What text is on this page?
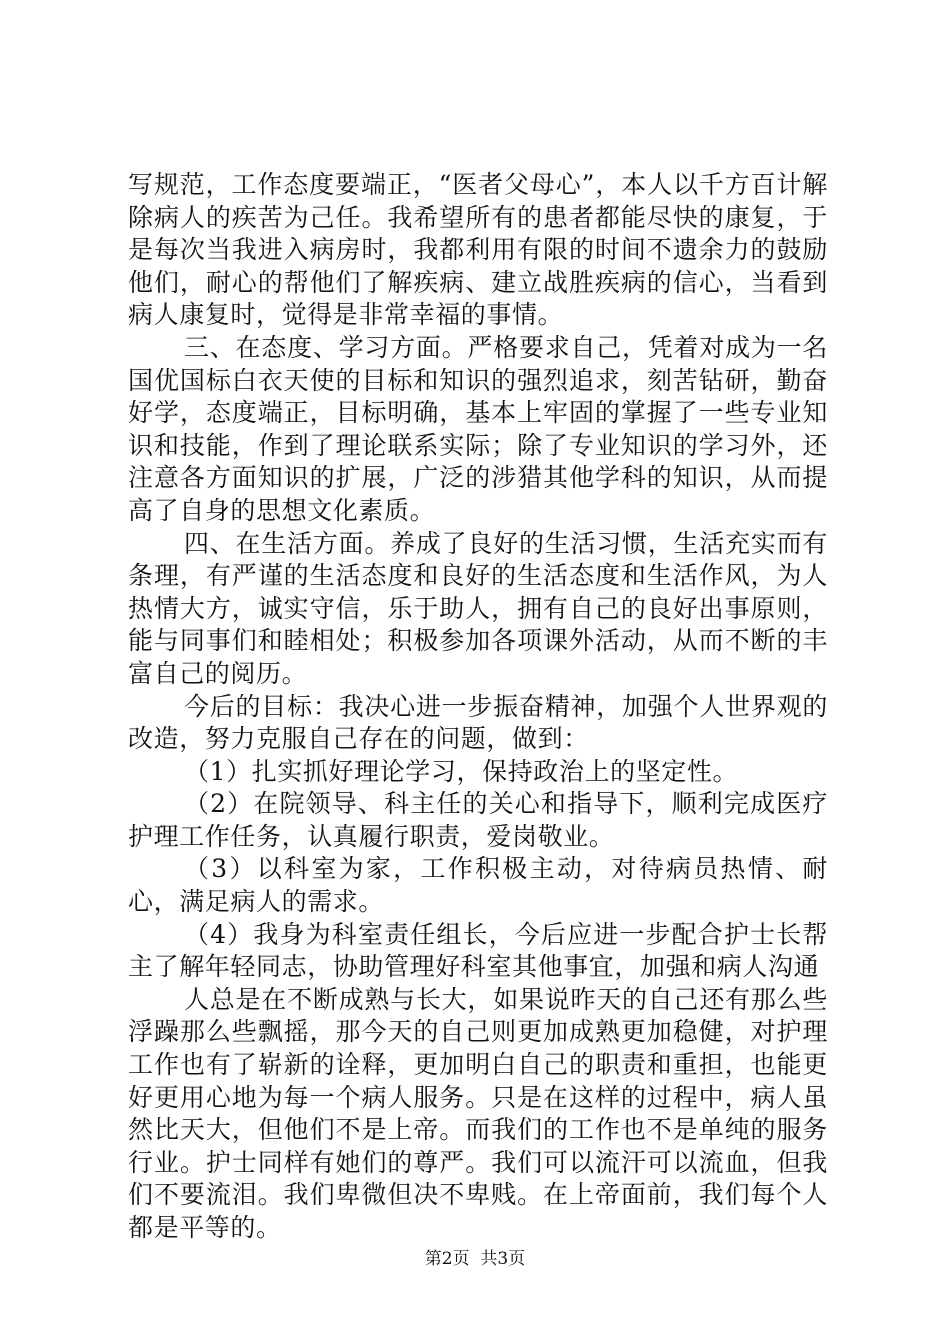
写规范，工作态度要端正，“医者父母心”，本人以千方百计解除病人的疾苦为己任。我希望所有的患者都能尽快的康复，于是每次当我进入病房时，我都利用有限的时间不遗余力的鼓励他们，耐心的帮他们了解疾病、建立战胜疾病的信心，当看到病人康复时，觉得是非常幸福的事情。

三、在态度、学习方面。严格要求自己，凭着对成为一名国优国标白衣天使的目标和知识的强烈追求，刻苦钻研，勤奋好学，态度端正，目标明确，基本上牢固的掌握了一些专业知识和技能，作到了理论联系实际；除了专业知识的学习外，还注意各方面知识的扩展，广泛的涉猎其他学科的知识，从而提高了自身的思想文化素质。

四、在生活方面。养成了良好的生活习惯，生活充实而有条理，有严谨的生活态度和良好的生活态度和生活作风，为人热情大方，诚实守信，乐于助人，拥有自己的良好出事原则，能与同事们和睦相处；积极参加各项课外活动，从而不断的丰富自己的阅历。

今后的目标：我决心进一步振奋精神，加强个人世界观的改造，努力克服自己存在的问题，做到：

（1）扎实抓好理论学习，保持政治上的坚定性。

（2）在院领导、科主任的关心和指导下，顺利完成医疗护理工作任务，认真履行职责，爱岗敬业。

（3）以科室为家，工作积极主动，对待病员热情、耐心，满足病人的需求。

（4）我身为科室责任组长，今后应进一步配合护士长帮主了解年轻同志，协助管理好科室其他事宜，加强和病人沟通

人总是在不断成熟与长大，如果说昨天的自己还有那么些浮躁那么些飘摇，那今天的自己则更加成熟更加稳健，对护理工作也有了崭新的诠释，更加明白自己的职责和重担，也能更好更用心地为每一个病人服务。只是在这样的过程中，病人虽然比天大，但他们不是上帝。而我们的工作也不是单纯的服务行业。护士同样有她们的尊严。我们可以流汗可以流血，但我们不要流泪。我们卑微但决不卑贱。在上帝面前，我们每个人都是平等的。

第2页  共3页
